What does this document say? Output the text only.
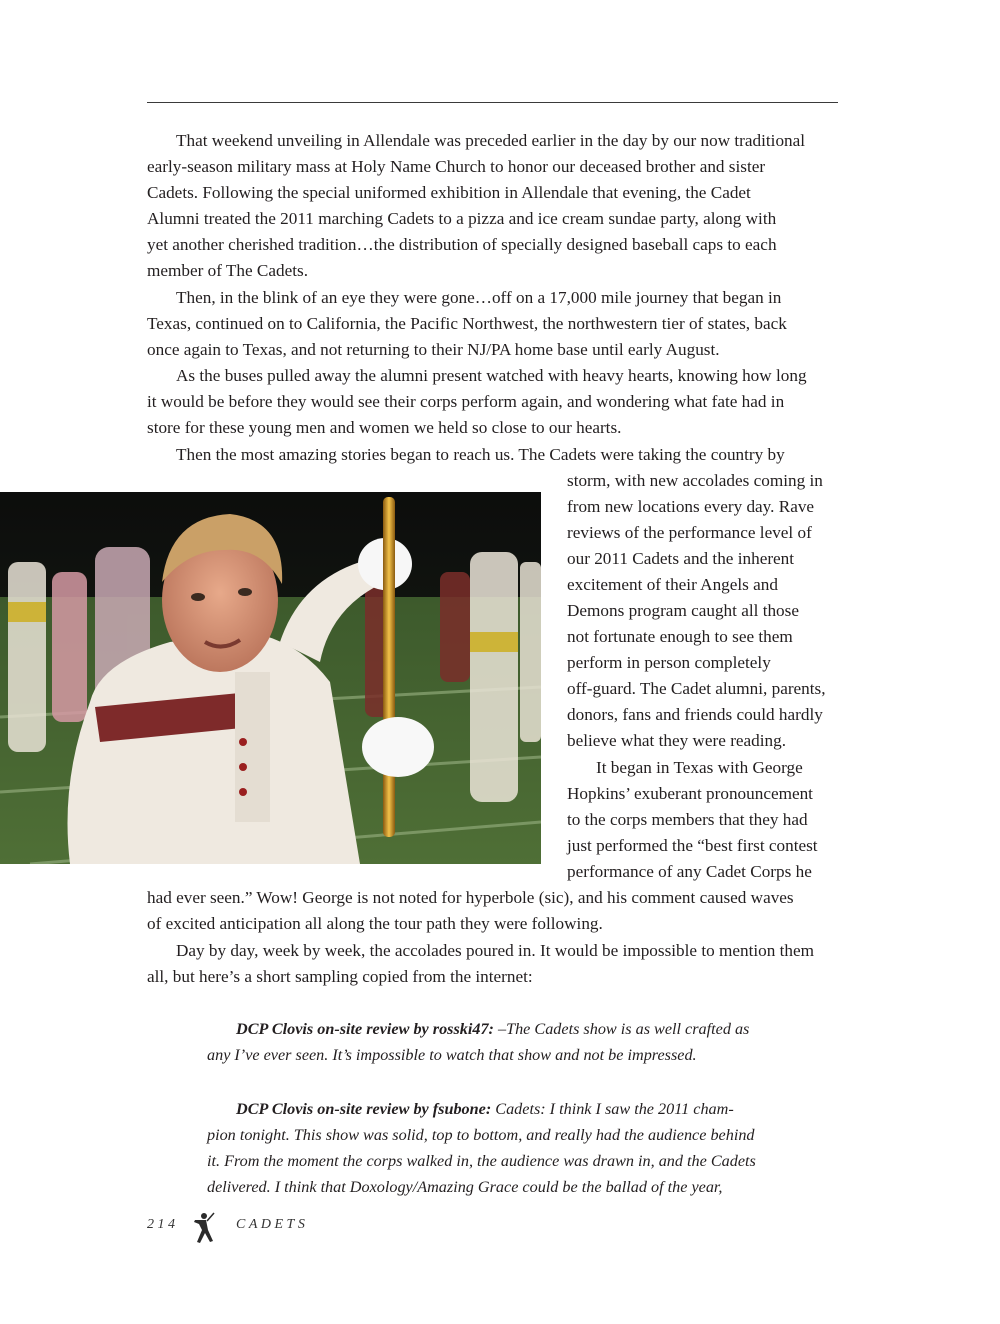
That weekend unveiling in Allendale was preceded earlier in the day by our now traditional

early-season military mass at Holy Name Church to honor our deceased brother and sister

Cadets. Following the special uniformed exhibition in Allendale that evening, the Cadet

Alumni treated the 2011 marching Cadets to a pizza and ice cream sundae party, along with

yet another cherished tradition…the distribution of specially designed baseball caps to each

member of The Cadets.

Then, in the blink of an eye they were gone…off on a 17,000 mile journey that began in

Texas, continued on to California, the Pacific Northwest, the northwestern tier of states, back

once again to Texas, and not returning to their NJ/PA home base until early August.

As the buses pulled away the alumni present watched with heavy hearts, knowing how long

it would be before they would see their corps perform again, and wondering what fate had in

store for these young men and women we held so close to our hearts.

Then the most amazing stories began to reach us. The Cadets were taking the country by

storm, with new accolades coming in

from new locations every day. Rave

reviews of the performance level of

our 2011 Cadets and the inherent

excitement of their Angels and

Demons program caught all those

not fortunate enough to see them

perform in person completely

off-guard. The Cadet alumni, parents,

donors, fans and friends could hardly

believe what they were reading.

It began in Texas with George

Hopkins’ exuberant pronouncement

to the corps members that they had

just performed the “best first contest

performance of any Cadet Corps he

had ever seen.” Wow! George is not noted for hyperbole (sic), and his comment caused waves

of excited anticipation all along the tour path they were following.

Day by day, week by week, the accolades poured in. It would be impossible to mention them

all, but here’s a short sampling copied from the internet:

DCP Clovis on-site review by rosski47: –The Cadets show is as well crafted as

any I’ve ever seen. It’s impossible to watch that show and not be impressed.

DCP Clovis on-site review by fsubone: Cadets: I think I saw the 2011 cham-

pion tonight. This show was solid, top to bottom, and really had the audience behind

it. From the moment the corps walked in, the audience was drawn in, and the Cadets

delivered. I think that Doxology/Amazing Grace could be the ballad of the year,

214	CADETS
